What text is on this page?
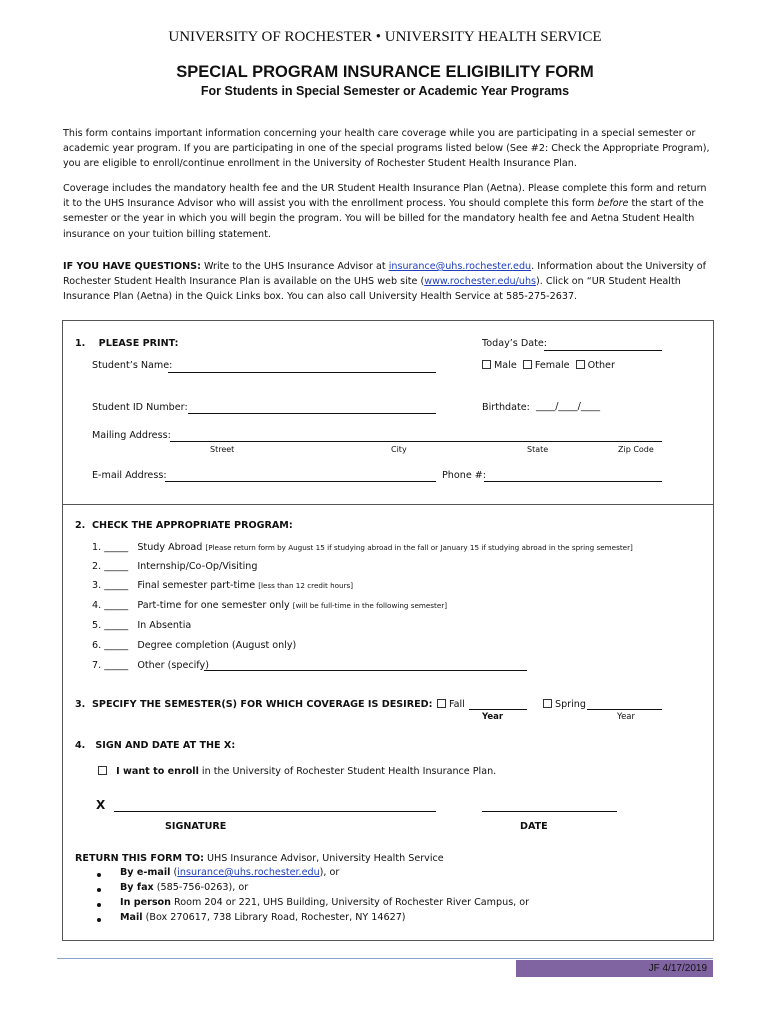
UNIVERSITY OF ROCHESTER • UNIVERSITY HEALTH SERVICE
SPECIAL PROGRAM INSURANCE ELIGIBILITY FORM
For Students in Special Semester or Academic Year Programs
This form contains important information concerning your health care coverage while you are participating in a special semester or academic year program. If you are participating in one of the special programs listed below (See #2: Check the Appropriate Program), you are eligible to enroll/continue enrollment in the University of Rochester Student Health Insurance Plan.
Coverage includes the mandatory health fee and the UR Student Health Insurance Plan (Aetna). Please complete this form and return it to the UHS Insurance Advisor who will assist you with the enrollment process. You should complete this form before the start of the semester or the year in which you will begin the program. You will be billed for the mandatory health fee and Aetna Student Health insurance on your tuition billing statement.
IF YOU HAVE QUESTIONS: Write to the UHS Insurance Advisor at insurance@uhs.rochester.edu. Information about the University of Rochester Student Health Insurance Plan is available on the UHS web site (www.rochester.edu/uhs). Click on “UR Student Health Insurance Plan (Aetna) in the Quick Links box. You can also call University Health Service at 585-275-2637.
1.    PLEASE PRINT:	Today’s Date:
Student’s Name:	Male Female Other
Student ID Number:	Birthdate: ____/____/____
Mailing Address:
Street	City	State	Zip Code
E-mail Address:	Phone #:
2.  CHECK THE APPROPRIATE PROGRAM:
1. _____ Study Abroad [Please return form by August 15 if studying abroad in the fall or January 15 if studying abroad in the spring semester]
2. _____ Internship/Co-Op/Visiting
3. _____ Final semester part-time [less than 12 credit hours]
4. _____ Part-time for one semester only [will be full-time in the following semester]
5. _____ In Absentia
6. _____ Degree completion (August only)
7. _____ Other (specify)
3.  SPECIFY THE SEMESTER(S) FOR WHICH COVERAGE IS DESIRED:	Fall
Year
Spring
Year
4.   SIGN AND DATE AT THE X:
I want to enroll in the University of Rochester Student Health Insurance Plan.
X
SIGNATURE	DATE
RETURN THIS FORM TO: UHS Insurance Advisor, University Health Service
By e-mail (insurance@uhs.rochester.edu), or
By fax (585-756-0263), or
In person Room 204 or 221, UHS Building, University of Rochester River Campus, or
Mail (Box 270617, 738 Library Road, Rochester, NY 14627)
JF 4/17/2019
